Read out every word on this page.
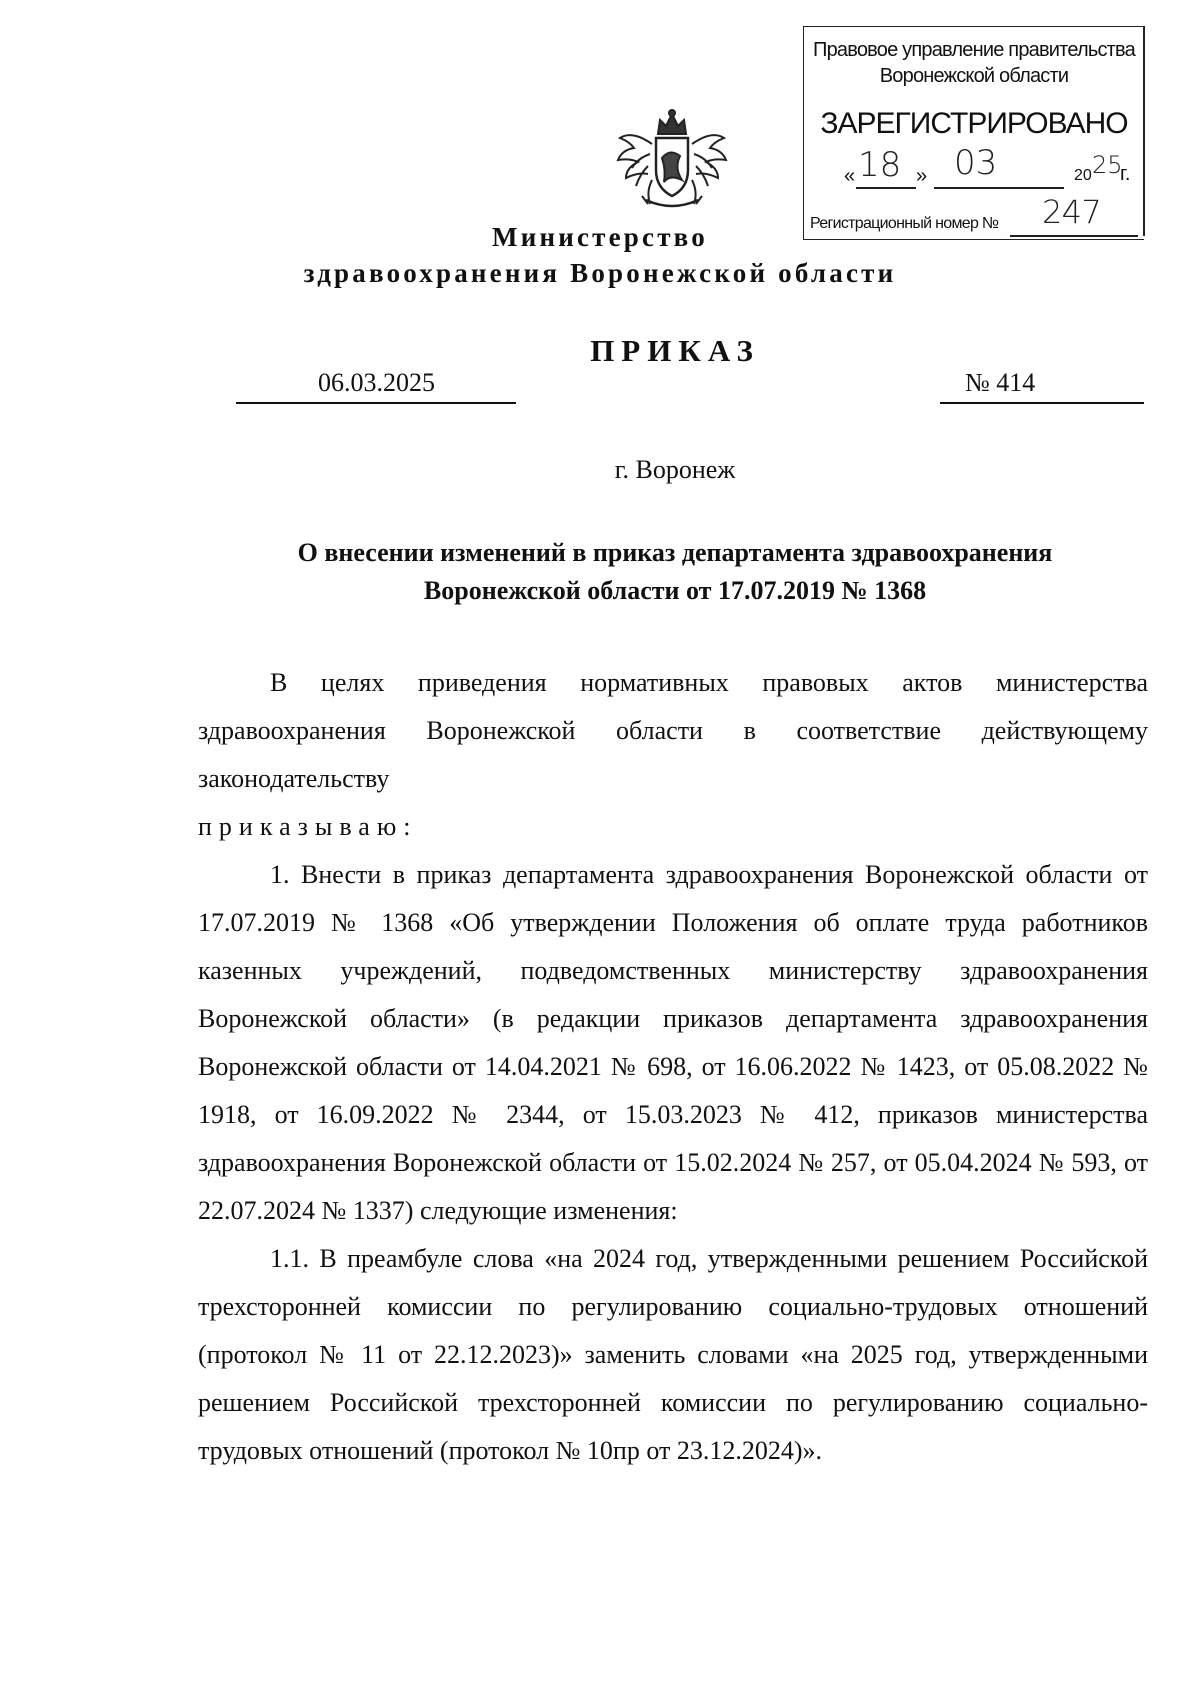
Правовое управление правительства
Воронежской области
ЗАРЕГИСТРИРОВАНО
« 18 » 03	20 25
г.
Регистрационный номер № 247
Министерство
здравоохранения Воронежской области
ПРИКАЗ
06.03.2025	№ 414
г. Воронеж
О внесении изменений в приказ департамента здравоохранения
Воронежской области от 17.07.2019 № 1368

В целях приведения нормативных правовых актов министерства здравоохранения Воронежской области в соответствие действующему законодательству

приказываю:

1. Внести в приказ департамента здравоохранения Воронежской области от 17.07.2019 № 1368 «Об утверждении Положения об оплате труда работников казенных учреждений, подведомственных министерству здравоохранения Воронежской области» (в редакции приказов департамента здравоохранения Воронежской области от 14.04.2021 № 698, от 16.06.2022 № 1423, от 05.08.2022 № 1918, от 16.09.2022 № 2344, от 15.03.2023 № 412, приказов министерства здравоохранения Воронежской области от 15.02.2024 № 257, от 05.04.2024 № 593, от 22.07.2024 № 1337) следующие изменения:

1.1. В преамбуле слова «на 2024 год, утвержденными решением Российской трехсторонней комиссии по регулированию социально-трудовых отношений (протокол № 11 от 22.12.2023)» заменить словами «на 2025 год, утвержденными решением Российской трехсторонней комиссии по регулированию социально-трудовых отношений (протокол № 10пр от 23.12.2024)».
